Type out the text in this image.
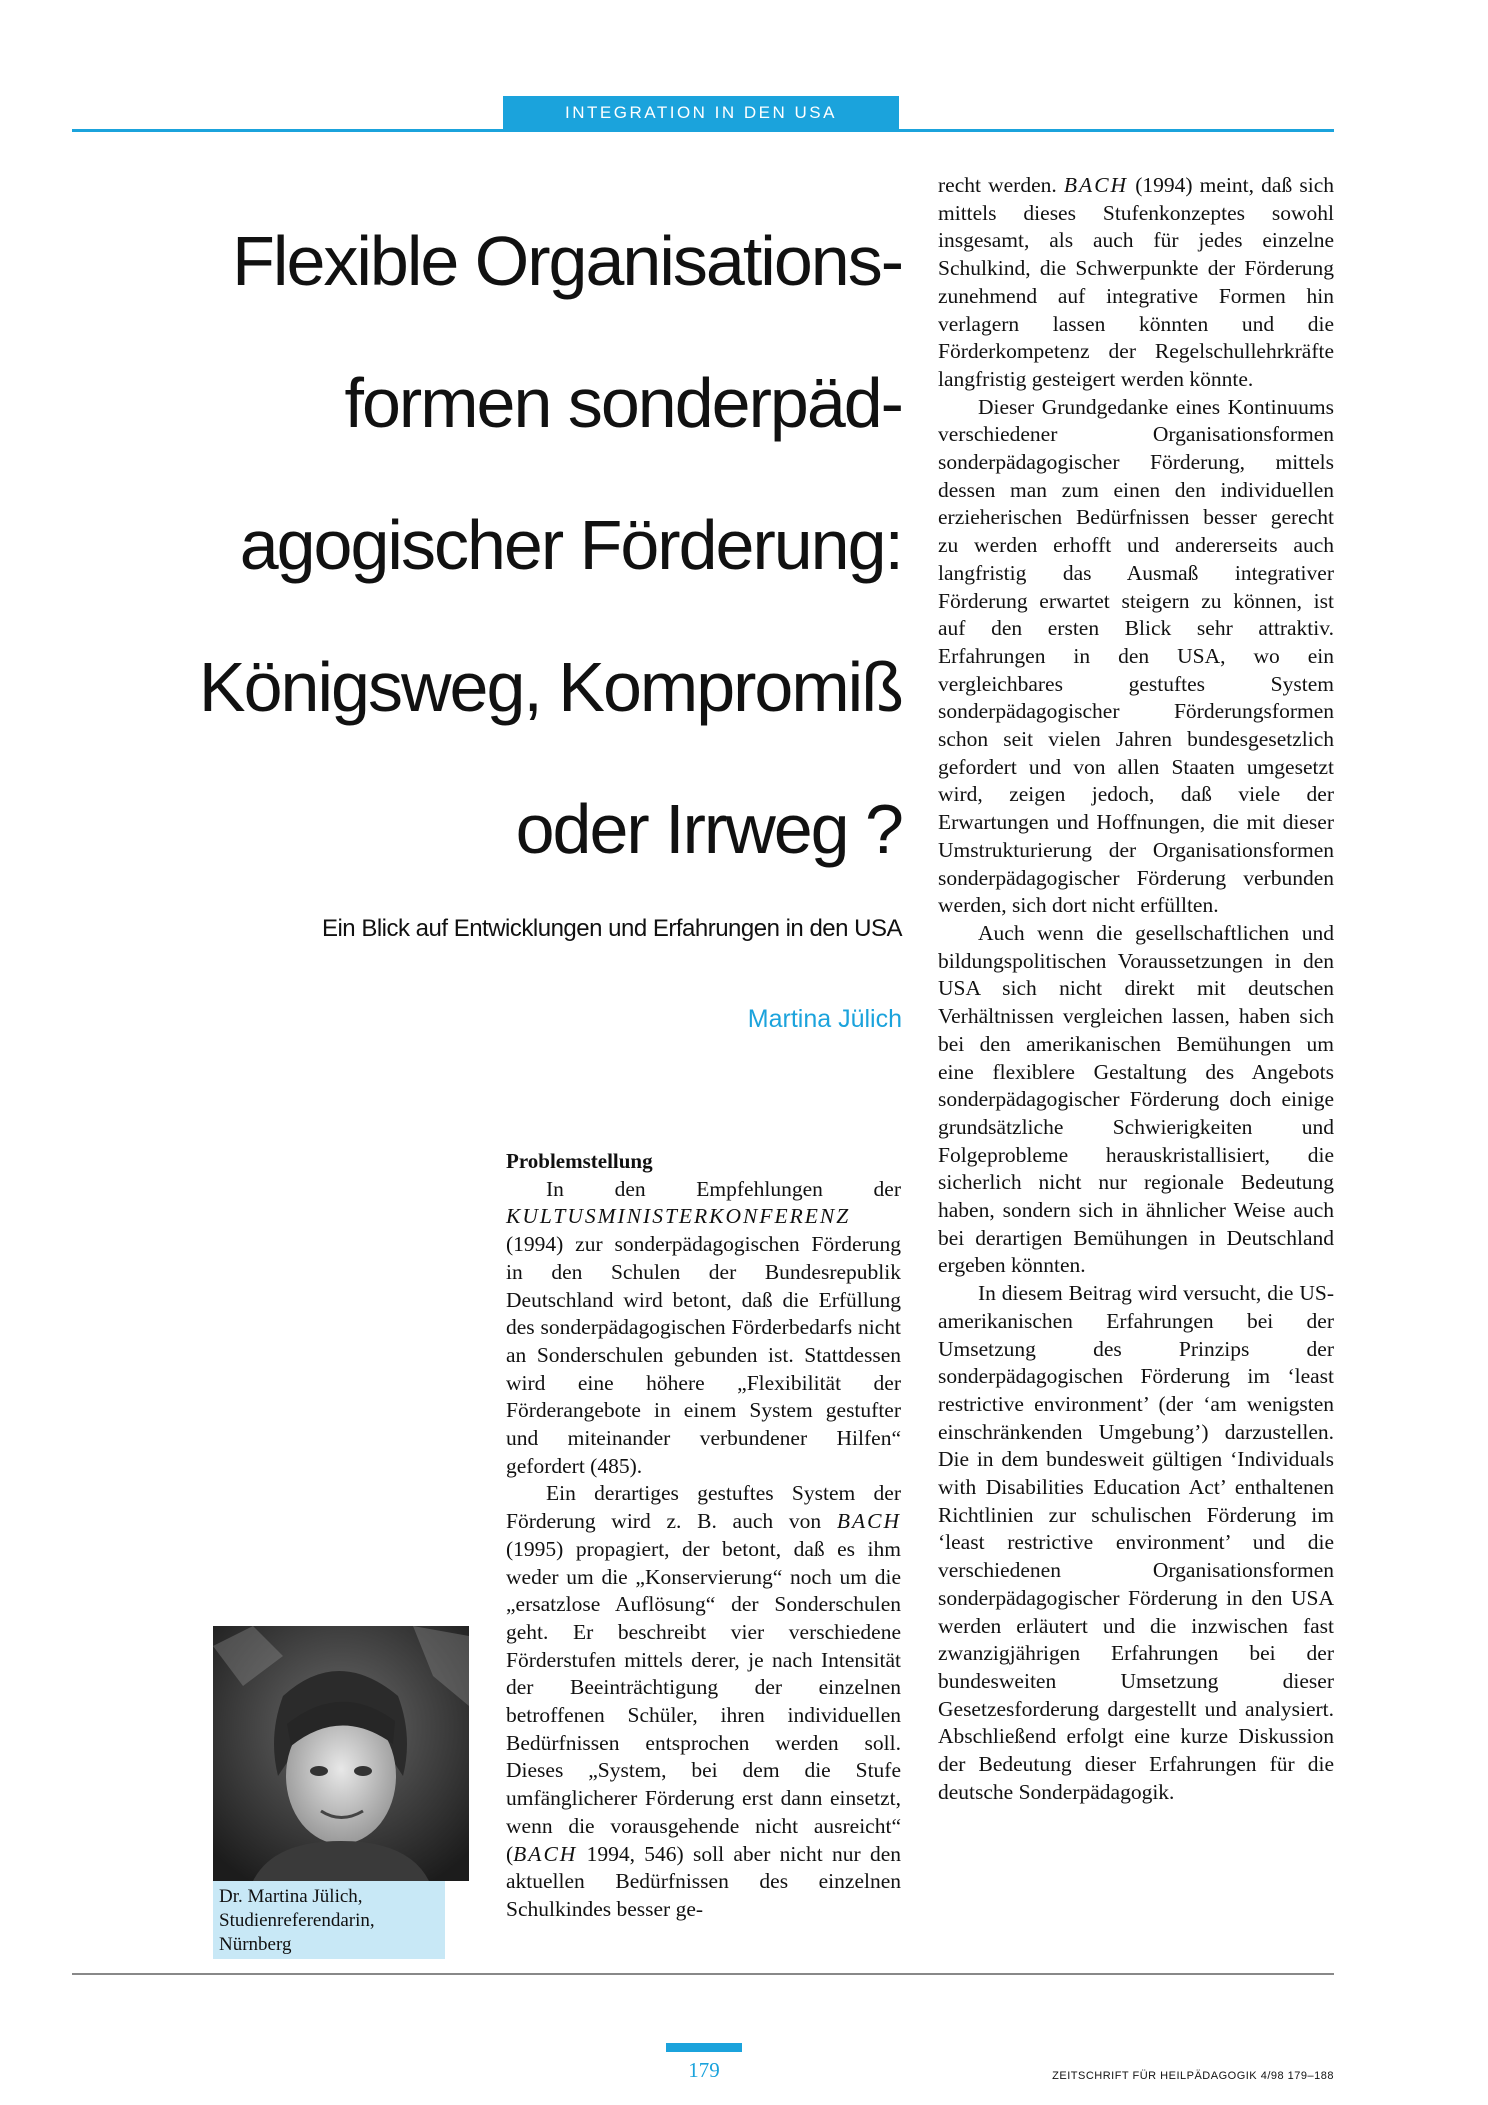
INTEGRATION IN DEN USA
Flexible Organisations-
formen sonderpäd-
agogischer Förderung:
Königsweg, Kompromiß
oder Irrweg ?

Ein Blick auf Entwicklungen und Erfahrungen in den USA

Martina Jülich
Problemstellung

In den Empfehlungen der KULTUSMINISTERKONFERENZ (1994) zur sonderpädagogischen Förderung in den Schulen der Bundesrepublik Deutschland wird betont, daß die Erfüllung des sonderpädagogischen Förderbedarfs nicht an Sonderschulen gebunden ist. Stattdessen wird eine höhere „Flexibilität der Förderangebote in einem System gestufter und miteinander verbundener Hilfen“ gefordert (485).

Ein derartiges gestuftes System der Förderung wird z. B. auch von BACH (1995) propagiert, der betont, daß es ihm weder um die „Konservierung“ noch um die „ersatzlose Auflösung“ der Sonderschulen geht. Er beschreibt vier verschiedene Förderstufen mittels derer, je nach Intensität der Beeinträchtigung der einzelnen betroffenen Schüler, ihren individuellen Bedürfnissen entsprochen werden soll. Dieses „System, bei dem die Stufe umfänglicherer Förderung erst dann einsetzt, wenn die vorausgehende nicht ausreicht“ (BACH 1994, 546) soll aber nicht nur den aktuellen Bedürfnissen des einzelnen Schulkindes besser ge-

recht werden. BACH (1994) meint, daß sich mittels dieses Stufenkonzeptes sowohl insgesamt, als auch für jedes einzelne Schulkind, die Schwerpunkte der Förderung zunehmend auf integrative Formen hin verlagern lassen könnten und die Förderkompetenz der Regelschullehrkräfte langfristig gesteigert werden könnte.

Dieser Grundgedanke eines Kontinuums verschiedener Organisationsformen sonderpädagogischer Förderung, mittels dessen man zum einen den individuellen erzieherischen Bedürfnissen besser gerecht zu werden erhofft und andererseits auch langfristig das Ausmaß integrativer Förderung erwartet steigern zu können, ist auf den ersten Blick sehr attraktiv. Erfahrungen in den USA, wo ein vergleichbares gestuftes System sonderpädagogischer Förderungsformen schon seit vielen Jahren bundesgesetzlich gefordert und von allen Staaten umgesetzt wird, zeigen jedoch, daß viele der Erwartungen und Hoffnungen, die mit dieser Umstrukturierung der Organisationsformen sonderpädagogischer Förderung verbunden werden, sich dort nicht erfüllten.

Auch wenn die gesellschaftlichen und bildungspolitischen Voraussetzungen in den USA sich nicht direkt mit deutschen Verhältnissen vergleichen lassen, haben sich bei den amerikanischen Bemühungen um eine flexiblere Gestaltung des Angebots sonderpädagogischer Förderung doch einige grundsätzliche Schwierigkeiten und Folgeprobleme herauskristallisiert, die sicherlich nicht nur regionale Bedeutung haben, sondern sich in ähnlicher Weise auch bei derartigen Bemühungen in Deutschland ergeben könnten.

In diesem Beitrag wird versucht, die US-amerikanischen Erfahrungen bei der Umsetzung des Prinzips der sonderpädagogischen Förderung im ‘least restrictive environment’ (der ‘am wenigsten einschränkenden Umgebung’) darzustellen. Die in dem bundesweit gültigen ‘Individuals with Disabilities Education Act’ enthaltenen Richtlinien zur schulischen Förderung im ‘least restrictive environment’ und die verschiedenen Organisationsformen sonderpädagogischer Förderung in den USA werden erläutert und die inzwischen fast zwanzigjährigen Erfahrungen bei der bundesweiten Umsetzung dieser Gesetzesforderung dargestellt und analysiert. Abschließend erfolgt eine kurze Diskussion der Bedeutung dieser Erfahrungen für die deutsche Sonderpädagogik.

Dr. Martina Jülich,
Studienreferendarin,
Nürnberg
179	ZEITSCHRIFT FÜR HEILPÄDAGOGIK 4/98 179–188
